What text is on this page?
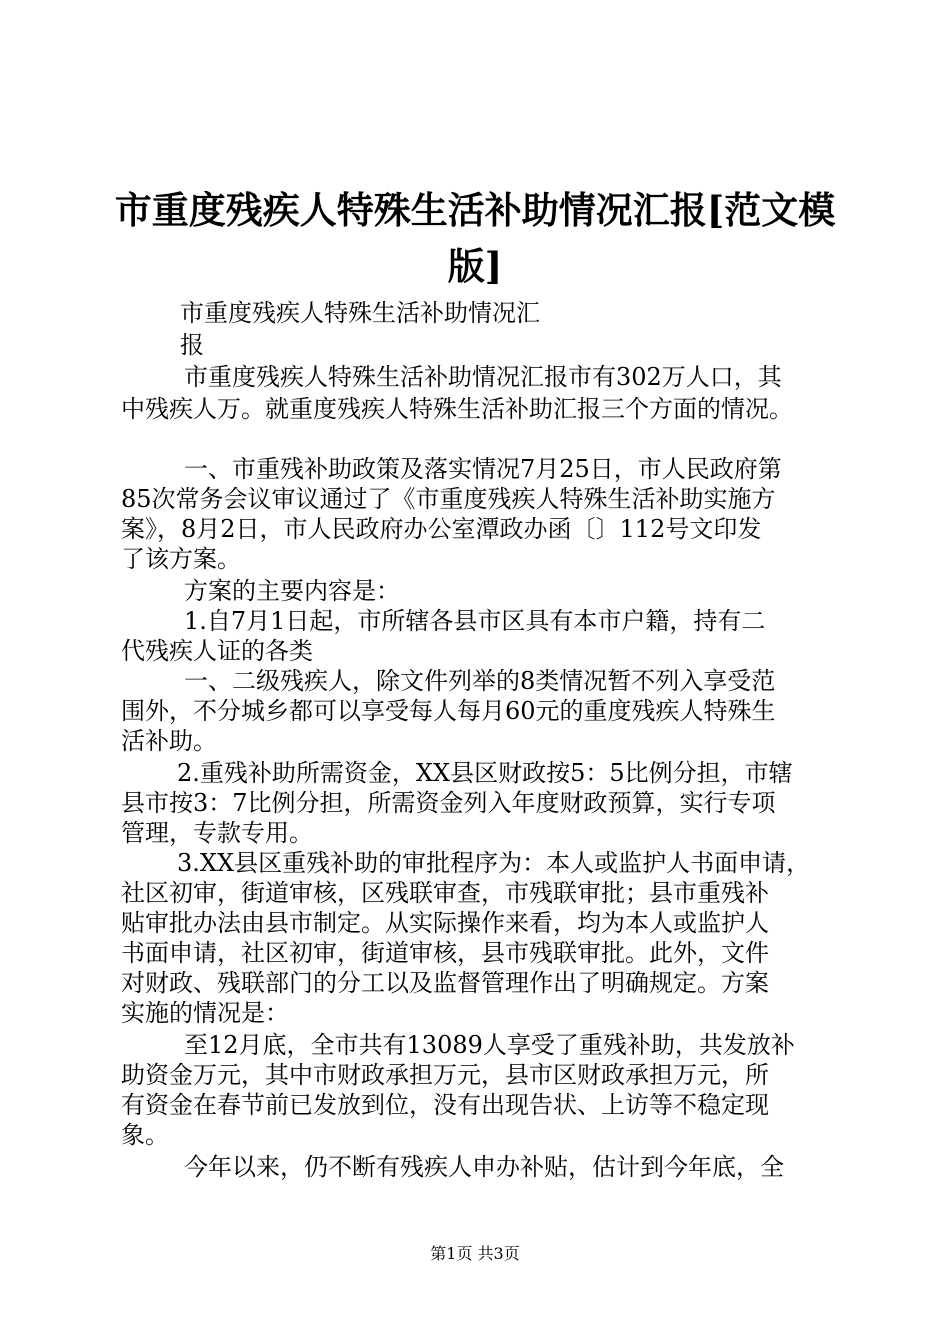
市重度残疾人特殊生活补助情况汇报[范文模
版]
市重度残疾人特殊生活补助情况汇
报
市重度残疾人特殊生活补助情况汇报市有302万人口，其
中残疾人万。就重度残疾人特殊生活补助汇报三个方面的情况。
一、市重残补助政策及落实情况7月25日，市人民政府第
85次常务会议审议通过了《市重度残疾人特殊生活补助实施方
案》，8月2日，市人民政府办公室潭政办函〔〕112号文印发
了该方案。
方案的主要内容是：
1.自7月1日起，市所辖各县市区具有本市户籍，持有二
代残疾人证的各类
一、二级残疾人，除文件列举的8类情况暂不列入享受范
围外，不分城乡都可以享受每人每月60元的重度残疾人特殊生
活补助。
2.重残补助所需资金，XX县区财政按5：5比例分担，市辖
县市按3：7比例分担，所需资金列入年度财政预算，实行专项
管理，专款专用。
3.XX县区重残补助的审批程序为：本人或监护人书面申请，
社区初审，街道审核，区残联审查，市残联审批；县市重残补
贴审批办法由县市制定。从实际操作来看，均为本人或监护人
书面申请，社区初审，街道审核，县市残联审批。此外，文件
对财政、残联部门的分工以及监督管理作出了明确规定。方案
实施的情况是：
至12月底，全市共有13089人享受了重残补助，共发放补
助资金万元，其中市财政承担万元，县市区财政承担万元，所
有资金在春节前已发放到位，没有出现告状、上访等不稳定现
象。
今年以来，仍不断有残疾人申办补贴，估计到今年底，全
第1页 共3页
